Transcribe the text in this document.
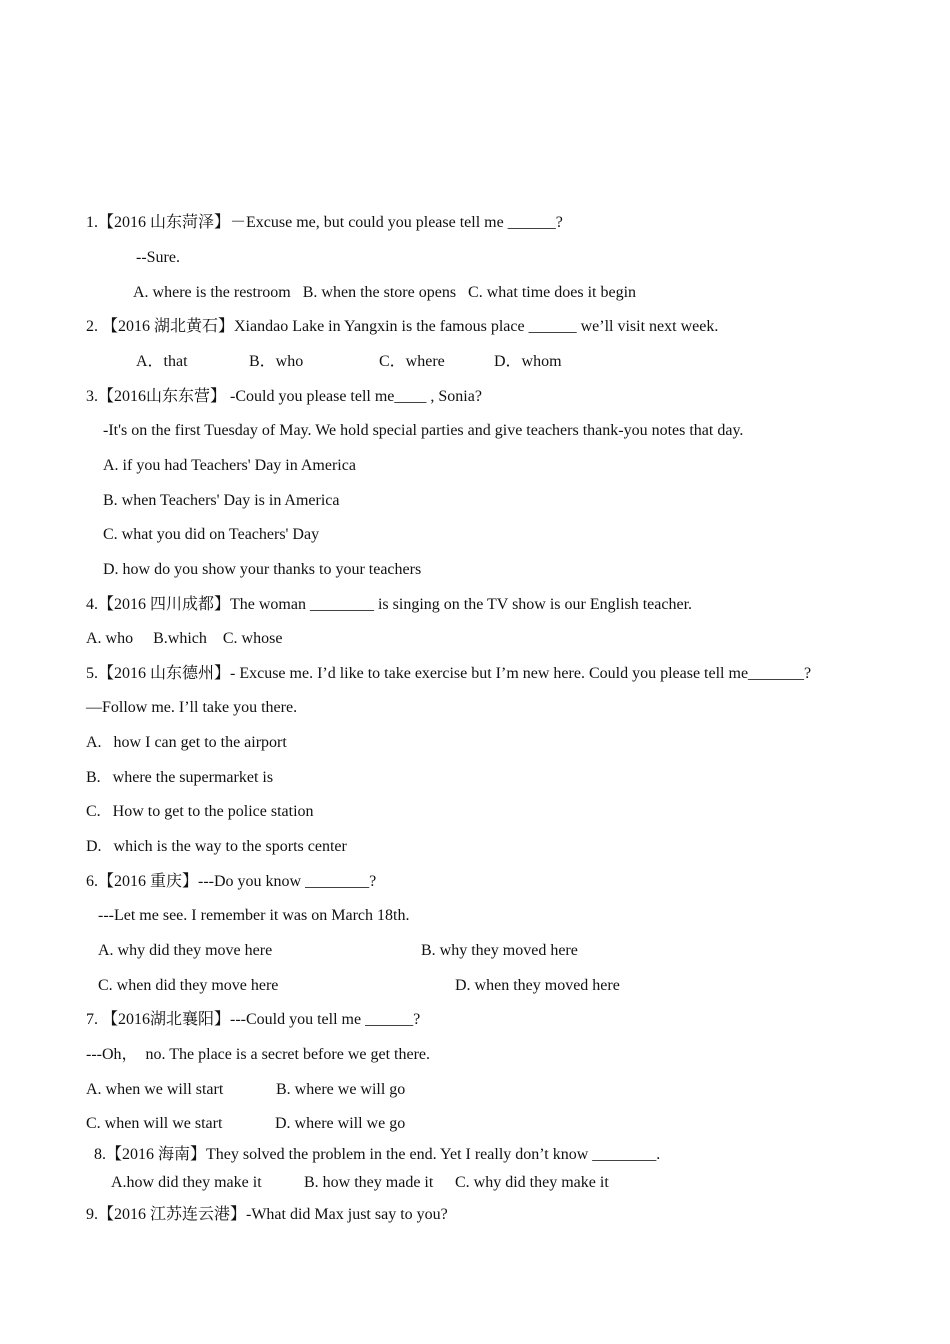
1.【2016 山东菏泽】－Excuse me, but could you please tell me ______?
--Sure.
A. where is the restroom   B. when the store opens   C. what time does it begin
2. 【2016 湖北黄石】Xiandao Lake in Yangxin is the famous place ______ we’ll visit next week.
A．that	B．who	C．where	D．whom
3.【2016山东东营】 -Could you please tell me____ , Sonia?
-It's on the first Tuesday of May. We hold special parties and give teachers thank-you notes that day.
A. if you had Teachers' Day in America
B. when Teachers' Day is in America
C. what you did on Teachers' Day
D. how do you show your thanks to your teachers
4.【2016 四川成都】The woman ________ is singing on the TV show is our English teacher.
A. who     B.which    C. whose
5.【2016 山东德州】- Excuse me. I’d like to take exercise but I’m new here. Could you please tell me_______?
—Follow me. I’ll take you there.
A.   how I can get to the airport
B.   where the supermarket is
C.   How to get to the police station
D.   which is the way to the sports center
6.【2016 重庆】---Do you know ________?
---Let me see. I remember it was on March 18th.
A. why did they move here	B. why they moved here
C. when did they move here	D. when they moved here
7. 【2016湖北襄阳】---Could you tell me ______?
---Oh，  no. The place is a secret before we get there.
A. when we will start	B. where we will go
C. when will we start	D. where will we go
8.【2016 海南】They solved the problem in the end. Yet I really don’t know ________.
A.how did they make it	B. how they made it C. why did they make it
9.【2016 江苏连云港】-What did Max just say to you?
